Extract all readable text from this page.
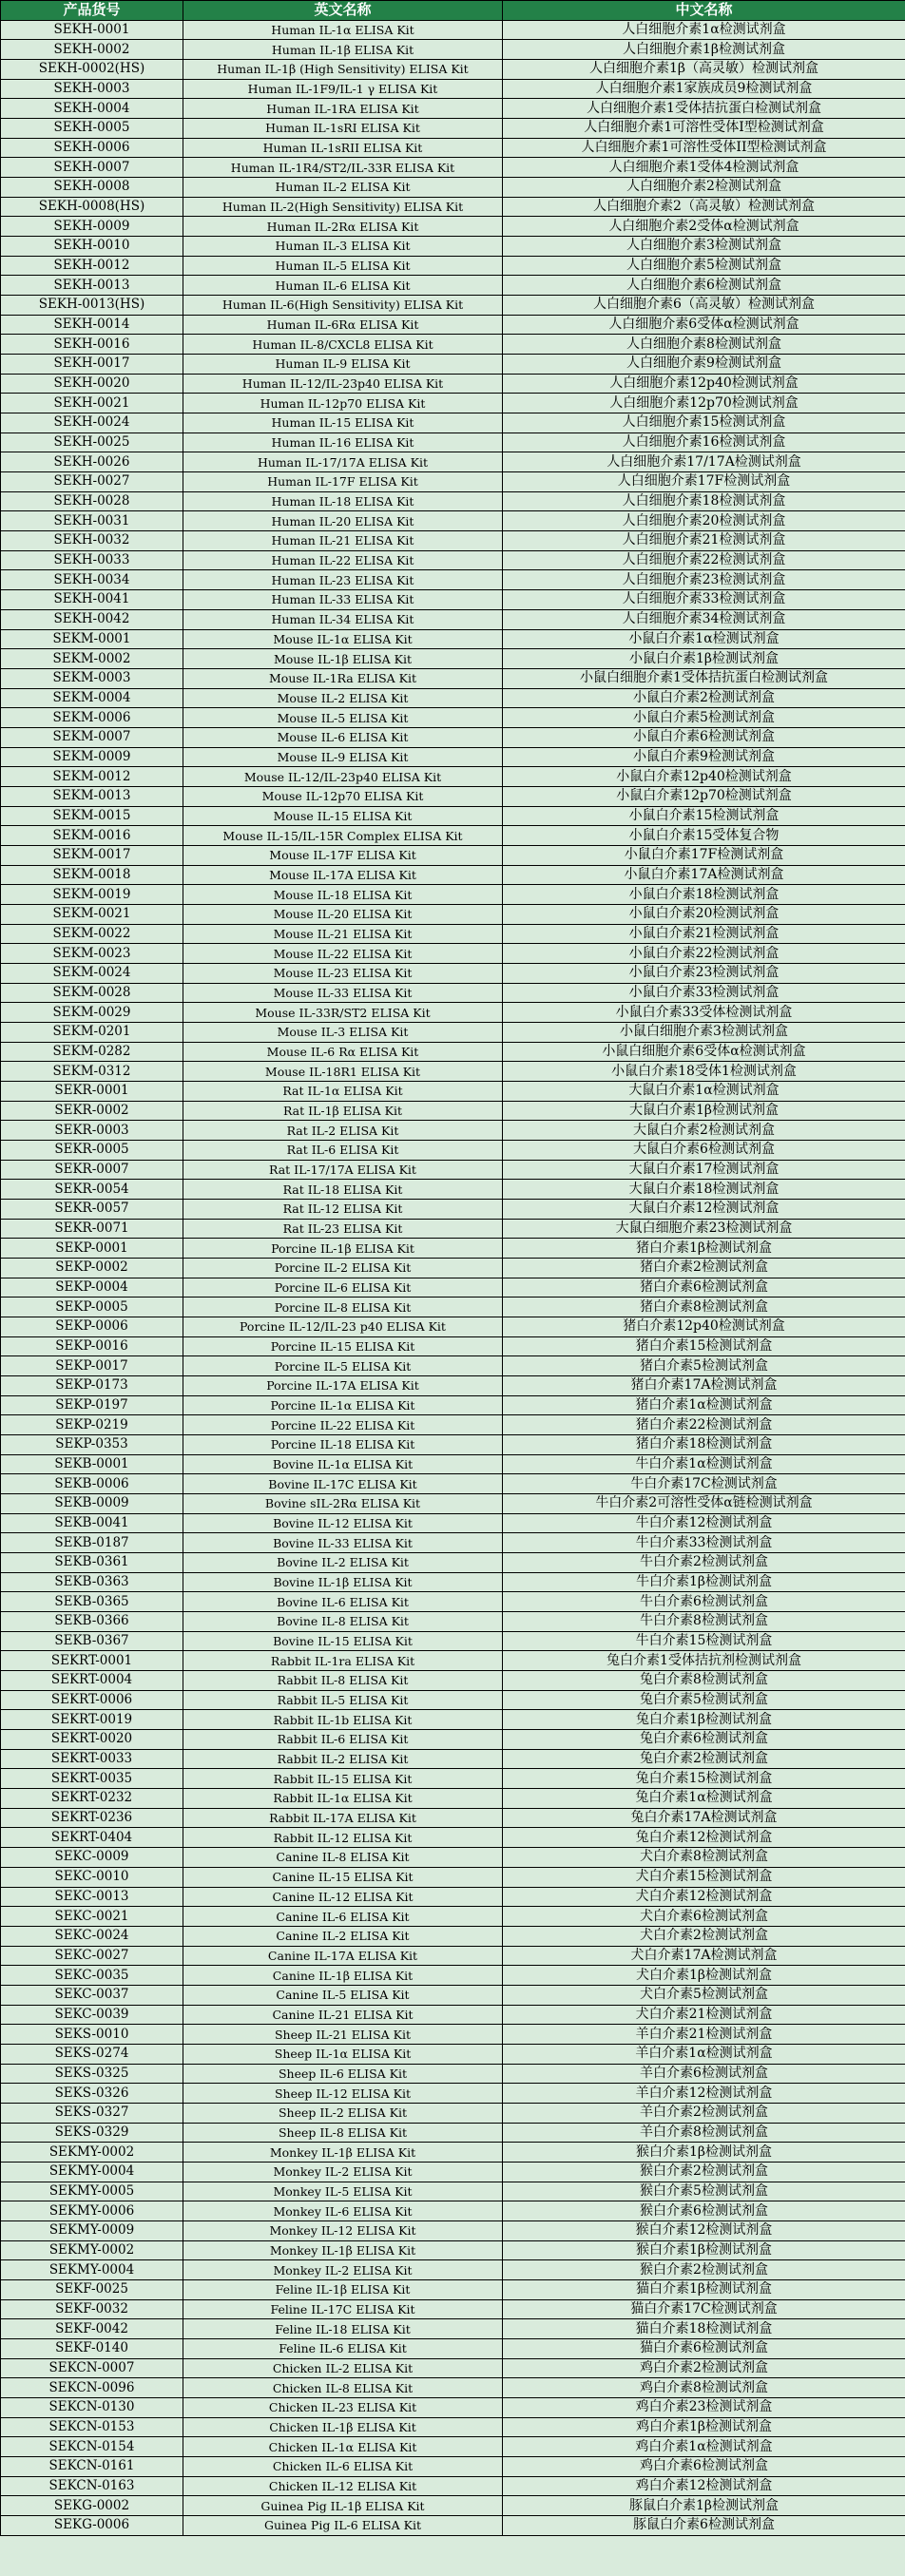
产品货号	英文名称	中文名称
SEKH-0001	Human IL-1α ELISA Kit	人白细胞介素1α检测试剂盒
SEKH-0002	Human IL-1β ELISA Kit	人白细胞介素1β检测试剂盒
SEKH-0002(HS)	Human IL-1β (High Sensitivity) ELISA Kit	人白细胞介素1β（高灵敏）检测试剂盒
SEKH-0003	Human IL-1F9/IL-1 γ ELISA Kit	人白细胞介素1家族成员9检测试剂盒
SEKH-0004	Human IL-1RA ELISA Kit	人白细胞介素1受体拮抗蛋白检测试剂盒
SEKH-0005	Human IL-1sRI ELISA Kit	人白细胞介素1可溶性受体I型检测试剂盒
SEKH-0006	Human IL-1sRII ELISA Kit	人白细胞介素1可溶性受体II型检测试剂盒
SEKH-0007	Human IL-1R4/ST2/IL-33R ELISA Kit	人白细胞介素1受体4检测试剂盒
SEKH-0008	Human IL-2 ELISA Kit	人白细胞介素2检测试剂盒
SEKH-0008(HS)	Human IL-2(High Sensitivity) ELISA Kit	人白细胞介素2（高灵敏）检测试剂盒
SEKH-0009	Human IL-2Rα ELISA Kit	人白细胞介素2受体α检测试剂盒
SEKH-0010	Human IL-3 ELISA Kit	人白细胞介素3检测试剂盒
SEKH-0012	Human IL-5 ELISA Kit	人白细胞介素5检测试剂盒
SEKH-0013	Human IL-6 ELISA Kit	人白细胞介素6检测试剂盒
SEKH-0013(HS)	Human IL-6(High Sensitivity) ELISA Kit	人白细胞介素6（高灵敏）检测试剂盒
SEKH-0014	Human IL-6Rα ELISA Kit	人白细胞介素6受体α检测试剂盒
SEKH-0016	Human IL-8/CXCL8 ELISA Kit	人白细胞介素8检测试剂盒
SEKH-0017	Human IL-9 ELISA Kit	人白细胞介素9检测试剂盒
SEKH-0020	Human IL-12/IL-23p40 ELISA Kit	人白细胞介素12p40检测试剂盒
SEKH-0021	Human IL-12p70 ELISA Kit	人白细胞介素12p70检测试剂盒
SEKH-0024	Human IL-15 ELISA Kit	人白细胞介素15检测试剂盒
SEKH-0025	Human IL-16 ELISA Kit	人白细胞介素16检测试剂盒
SEKH-0026	Human IL-17/17A ELISA Kit	人白细胞介素17/17A检测试剂盒
SEKH-0027	Human IL-17F ELISA Kit	人白细胞介素17F检测试剂盒
SEKH-0028	Human IL-18 ELISA Kit	人白细胞介素18检测试剂盒
SEKH-0031	Human IL-20 ELISA Kit	人白细胞介素20检测试剂盒
SEKH-0032	Human IL-21 ELISA Kit	人白细胞介素21检测试剂盒
SEKH-0033	Human IL-22 ELISA Kit	人白细胞介素22检测试剂盒
SEKH-0034	Human IL-23 ELISA Kit	人白细胞介素23检测试剂盒
SEKH-0041	Human IL-33 ELISA Kit	人白细胞介素33检测试剂盒
SEKH-0042	Human IL-34 ELISA Kit	人白细胞介素34检测试剂盒
SEKM-0001	Mouse IL-1α ELISA Kit	小鼠白介素1α检测试剂盒
SEKM-0002	Mouse IL-1β ELISA Kit	小鼠白介素1β检测试剂盒
SEKM-0003	Mouse IL-1Ra ELISA Kit	小鼠白细胞介素1受体拮抗蛋白检测试剂盒
SEKM-0004	Mouse IL-2 ELISA Kit	小鼠白介素2检测试剂盒
SEKM-0006	Mouse IL-5 ELISA Kit	小鼠白介素5检测试剂盒
SEKM-0007	Mouse IL-6 ELISA Kit	小鼠白介素6检测试剂盒
SEKM-0009	Mouse IL-9 ELISA Kit	小鼠白介素9检测试剂盒
SEKM-0012	Mouse IL-12/IL-23p40 ELISA Kit	小鼠白介素12p40检测试剂盒
SEKM-0013	Mouse IL-12p70 ELISA Kit	小鼠白介素12p70检测试剂盒
SEKM-0015	Mouse IL-15 ELISA Kit	小鼠白介素15检测试剂盒
SEKM-0016	Mouse IL-15/IL-15R Complex ELISA Kit	小鼠白介素15受体复合物
SEKM-0017	Mouse IL-17F ELISA Kit	小鼠白介素17F检测试剂盒
SEKM-0018	Mouse IL-17A ELISA Kit	小鼠白介素17A检测试剂盒
SEKM-0019	Mouse IL-18 ELISA Kit	小鼠白介素18检测试剂盒
SEKM-0021	Mouse IL-20 ELISA Kit	小鼠白介素20检测试剂盒
SEKM-0022	Mouse IL-21 ELISA Kit	小鼠白介素21检测试剂盒
SEKM-0023	Mouse IL-22 ELISA Kit	小鼠白介素22检测试剂盒
SEKM-0024	Mouse IL-23 ELISA Kit	小鼠白介素23检测试剂盒
SEKM-0028	Mouse IL-33 ELISA Kit	小鼠白介素33检测试剂盒
SEKM-0029	Mouse IL-33R/ST2 ELISA Kit	小鼠白介素33受体检测试剂盒
SEKM-0201	Mouse IL-3 ELISA Kit	小鼠白细胞介素3检测试剂盒
SEKM-0282	Mouse IL-6 Rα ELISA Kit	小鼠白细胞介素6受体α检测试剂盒
SEKM-0312	Mouse IL-18R1 ELISA Kit	小鼠白介素18受体1检测试剂盒
SEKR-0001	Rat IL-1α ELISA Kit	大鼠白介素1α检测试剂盒
SEKR-0002	Rat IL-1β ELISA Kit	大鼠白介素1β检测试剂盒
SEKR-0003	Rat IL-2 ELISA Kit	大鼠白介素2检测试剂盒
SEKR-0005	Rat IL-6 ELISA Kit	大鼠白介素6检测试剂盒
SEKR-0007	Rat IL-17/17A ELISA Kit	大鼠白介素17检测试剂盒
SEKR-0054	Rat IL-18 ELISA Kit	大鼠白介素18检测试剂盒
SEKR-0057	Rat IL-12 ELISA Kit	大鼠白介素12检测试剂盒
SEKR-0071	Rat IL-23 ELISA Kit	大鼠白细胞介素23检测试剂盒
SEKP-0001	Porcine IL-1β ELISA Kit	猪白介素1β检测试剂盒
SEKP-0002	Porcine IL-2 ELISA Kit	猪白介素2检测试剂盒
SEKP-0004	Porcine IL-6 ELISA Kit	猪白介素6检测试剂盒
SEKP-0005	Porcine IL-8 ELISA Kit	猪白介素8检测试剂盒
SEKP-0006	Porcine IL-12/IL-23 p40 ELISA Kit	猪白介素12p40检测试剂盒
SEKP-0016	Porcine IL-15 ELISA Kit	猪白介素15检测试剂盒
SEKP-0017	Porcine IL-5 ELISA Kit	猪白介素5检测试剂盒
SEKP-0173	Porcine IL-17A ELISA Kit	猪白介素17A检测试剂盒
SEKP-0197	Porcine IL-1α ELISA Kit	猪白介素1α检测试剂盒
SEKP-0219	Porcine IL-22 ELISA Kit	猪白介素22检测试剂盒
SEKP-0353	Porcine IL-18 ELISA Kit	猪白介素18检测试剂盒
SEKB-0001	Bovine IL-1α ELISA Kit	牛白介素1α检测试剂盒
SEKB-0006	Bovine IL-17C ELISA Kit	牛白介素17C检测试剂盒
SEKB-0009	Bovine sIL-2Rα ELISA Kit	牛白介素2可溶性受体α链检测试剂盒
SEKB-0041	Bovine IL-12 ELISA Kit	牛白介素12检测试剂盒
SEKB-0187	Bovine IL-33 ELISA Kit	牛白介素33检测试剂盒
SEKB-0361	Bovine IL-2 ELISA Kit	牛白介素2检测试剂盒
SEKB-0363	Bovine IL-1β ELISA Kit	牛白介素1β检测试剂盒
SEKB-0365	Bovine IL-6 ELISA Kit	牛白介素6检测试剂盒
SEKB-0366	Bovine IL-8 ELISA Kit	牛白介素8检测试剂盒
SEKB-0367	Bovine IL-15 ELISA Kit	牛白介素15检测试剂盒
SEKRT-0001	Rabbit IL-1ra ELISA Kit	兔白介素1受体拮抗剂检测试剂盒
SEKRT-0004	Rabbit IL-8 ELISA Kit	兔白介素8检测试剂盒
SEKRT-0006	Rabbit IL-5 ELISA Kit	兔白介素5检测试剂盒
SEKRT-0019	Rabbit IL-1b ELISA Kit	兔白介素1β检测试剂盒
SEKRT-0020	Rabbit IL-6 ELISA Kit	兔白介素6检测试剂盒
SEKRT-0033	Rabbit IL-2 ELISA Kit	兔白介素2检测试剂盒
SEKRT-0035	Rabbit IL-15 ELISA Kit	兔白介素15检测试剂盒
SEKRT-0232	Rabbit IL-1α ELISA Kit	兔白介素1α检测试剂盒
SEKRT-0236	Rabbit IL-17A ELISA Kit	兔白介素17A检测试剂盒
SEKRT-0404	Rabbit IL-12 ELISA Kit	兔白介素12检测试剂盒
SEKC-0009	Canine IL-8 ELISA Kit	犬白介素8检测试剂盒
SEKC-0010	Canine IL-15 ELISA Kit	犬白介素15检测试剂盒
SEKC-0013	Canine IL-12 ELISA Kit	犬白介素12检测试剂盒
SEKC-0021	Canine IL-6 ELISA Kit	犬白介素6检测试剂盒
SEKC-0024	Canine IL-2 ELISA Kit	犬白介素2检测试剂盒
SEKC-0027	Canine IL-17A ELISA Kit	犬白介素17A检测试剂盒
SEKC-0035	Canine IL-1β ELISA Kit	犬白介素1β检测试剂盒
SEKC-0037	Canine IL-5 ELISA Kit	犬白介素5检测试剂盒
SEKC-0039	Canine IL-21 ELISA Kit	犬白介素21检测试剂盒
SEKS-0010	Sheep IL-21 ELISA Kit	羊白介素21检测试剂盒
SEKS-0274	Sheep IL-1α ELISA Kit	羊白介素1α检测试剂盒
SEKS-0325	Sheep IL-6 ELISA Kit	羊白介素6检测试剂盒
SEKS-0326	Sheep IL-12 ELISA Kit	羊白介素12检测试剂盒
SEKS-0327	Sheep IL-2 ELISA Kit	羊白介素2检测试剂盒
SEKS-0329	Sheep IL-8 ELISA Kit	羊白介素8检测试剂盒
SEKMY-0002	Monkey IL-1β ELISA Kit	猴白介素1β检测试剂盒
SEKMY-0004	Monkey IL-2 ELISA Kit	猴白介素2检测试剂盒
SEKMY-0005	Monkey IL-5 ELISA Kit	猴白介素5检测试剂盒
SEKMY-0006	Monkey IL-6 ELISA Kit	猴白介素6检测试剂盒
SEKMY-0009	Monkey IL-12 ELISA Kit	猴白介素12检测试剂盒
SEKMY-0002	Monkey IL-1β ELISA Kit	猴白介素1β检测试剂盒
SEKMY-0004	Monkey IL-2 ELISA Kit	猴白介素2检测试剂盒
SEKF-0025	Feline IL-1β ELISA Kit	猫白介素1β检测试剂盒
SEKF-0032	Feline IL-17C ELISA Kit	猫白介素17C检测试剂盒
SEKF-0042	Feline IL-18 ELISA Kit	猫白介素18检测试剂盒
SEKF-0140	Feline IL-6 ELISA Kit	猫白介素6检测试剂盒
SEKCN-0007	Chicken IL-2 ELISA Kit	鸡白介素2检测试剂盒
SEKCN-0096	Chicken IL-8 ELISA Kit	鸡白介素8检测试剂盒
SEKCN-0130	Chicken IL-23 ELISA Kit	鸡白介素23检测试剂盒
SEKCN-0153	Chicken IL-1β ELISA Kit	鸡白介素1β检测试剂盒
SEKCN-0154	Chicken IL-1α ELISA Kit	鸡白介素1α检测试剂盒
SEKCN-0161	Chicken IL-6 ELISA Kit	鸡白介素6检测试剂盒
SEKCN-0163	Chicken IL-12 ELISA Kit	鸡白介素12检测试剂盒
SEKG-0002	Guinea Pig IL-1β ELISA Kit	豚鼠白介素1β检测试剂盒
SEKG-0006	Guinea Pig IL-6 ELISA Kit	豚鼠白介素6检测试剂盒
